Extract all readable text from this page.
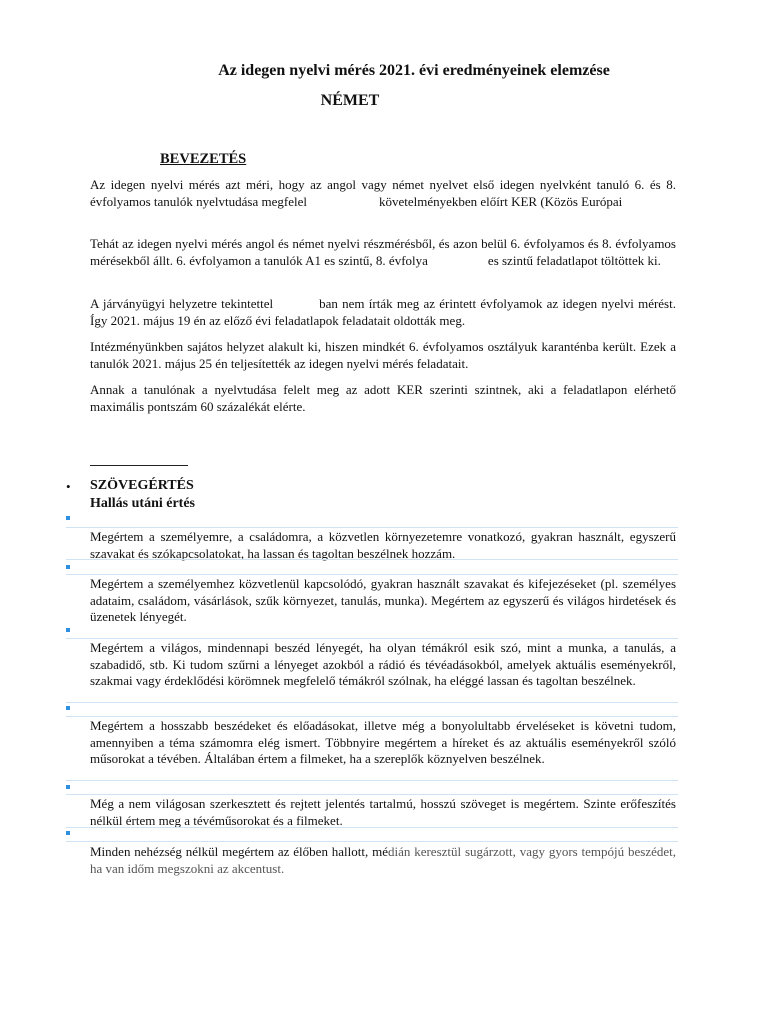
Az idegen nyelvi mérés 2021. évi eredményeinek elemzése
NÉMET
BEVEZETÉS
Az idegen nyelvi mérés azt méri, hogy az angol vagy német nyelvet első idegen nyelvként tanuló 6. és 8. évfolyamos tanulók nyelvtudása megfelel	követelményekben előírt KER (Közös Európai
Tehát az idegen nyelvi mérés angol és német nyelvi részmérésből, és azon belül 6. évfolyamos és 8. évfolyamos mérésekből állt. 6. évfolyamon a tanulók A1 es szintű, 8. évfolya	es szintű feladatlapot töltöttek ki.
A járványügyi helyzetre tekintettel	ban nem írták meg az érintett évfolyamok az idegen nyelvi mérést. Így 2021. május 19 én az előző évi feladatlapok feladatait oldották meg.
Intézményünkben sajátos helyzet alakult ki, hiszen mindkét 6. évfolyamos osztályuk karanténba került. Ezek a tanulók 2021. május 25 én teljesítették az idegen nyelvi mérés feladatait.
Annak a tanulónak a nyelvtudása felelt meg az adott KER szerinti szintnek, aki a feladatlapon elérhető maximális pontszám 60 százalékát elérte.
• SZÖVEGÉRTÉS
Hallás utáni értés
Megértem a személyemre, a családomra, a közvetlen környezetemre vonatkozó, gyakran használt, egyszerű szavakat és szókapcsolatokat, ha lassan és tagoltan beszélnek hozzám.
Megértem a személyemhez közvetlenül kapcsolódó, gyakran használt szavakat és kifejezéseket (pl. személyes adataim, családom, vásárlások, szűk környezet, tanulás, munka). Megértem az egyszerű és világos hirdetések és üzenetek lényegét.
Megértem a világos, mindennapi beszéd lényegét, ha olyan témákról esik szó, mint a munka, a tanulás, a szabadidő, stb. Ki tudom szűrni a lényeget azokból a rádió és tévéadásokból, amelyek aktuális eseményekről, szakmai vagy érdeklődési körömnek megfelelő témákról szólnak, ha eléggé lassan és tagoltan beszélnek.
Megértem a hosszabb beszédeket és előadásokat, illetve még a bonyolultabb érveléseket is követni tudom, amennyiben a téma számomra elég ismert. Többnyire megértem a híreket és az aktuális eseményekről szóló műsorokat a tévében. Általában értem a filmeket, ha a szereplők köznyelven beszélnek.
Még a nem világosan szerkesztett és rejtett jelentés tartalmú, hosszú szöveget is megértem. Szinte erőfeszítés nélkül értem meg a tévéműsorokat és a filmeket.
Minden nehézség nélkül megértem az élőben hallott, médián keresztül sugárzott, vagy gyors tempójú beszédet, ha van időm megszokni az akcentust.
